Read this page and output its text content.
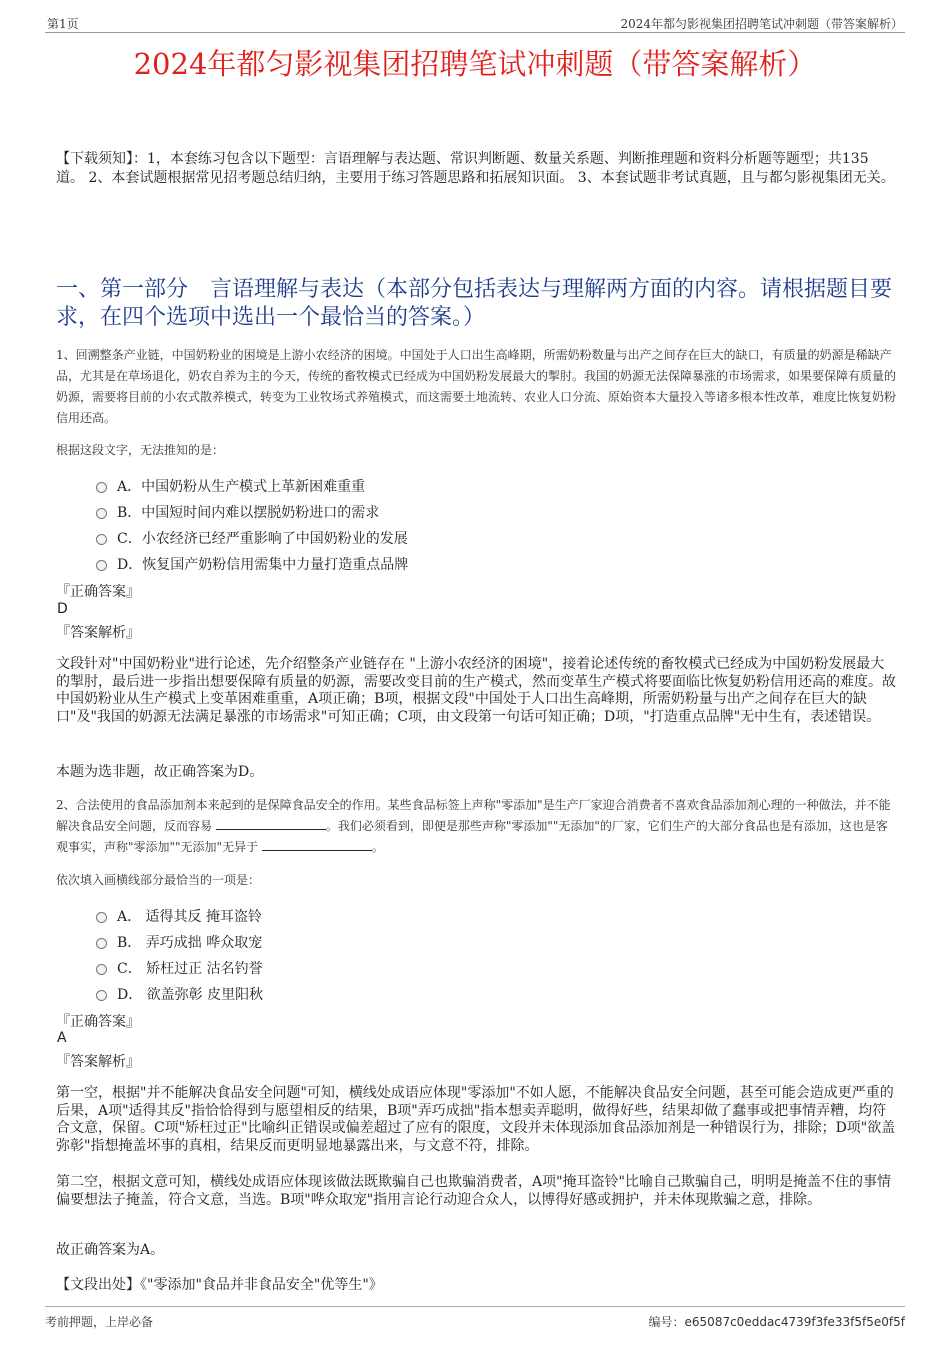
第1页	2024年都匀影视集团招聘笔试冲刺题（带答案解析）
2024年都匀影视集团招聘笔试冲刺题（带答案解析）
【下载须知】：1，本套练习包含以下题型：言语理解与表达题、常识判断题、数量关系题、判断推理题和资料分析题等题型；共135道。 2、本套试题根据常见招考题总结归纳，主要用于练习答题思路和拓展知识面。 3、本套试题非考试真题，且与都匀影视集团无关。
一、第一部分　言语理解与表达（本部分包括表达与理解两方面的内容。请根据题目要求，在四个选项中选出一个最恰当的答案。）
1、回溯整条产业链，中国奶粉业的困境是上游小农经济的困境。中国处于人口出生高峰期，所需奶粉数量与出产之间存在巨大的缺口，有质量的奶源是稀缺产品，尤其是在草场退化，奶农自养为主的今天，传统的畜牧模式已经成为中国奶粉发展最大的掣肘。我国的奶源无法保障暴涨的市场需求，如果要保障有质量的奶源，需要将目前的小农式散养模式，转变为工业牧场式养殖模式，而这需要土地流转、农业人口分流、原始资本大量投入等诸多根本性改革，难度比恢复奶粉信用还高。
根据这段文字，无法推知的是：
A．中国奶粉从生产模式上革新困难重重
B．中国短时间内难以摆脱奶粉进口的需求
C．小农经济已经严重影响了中国奶粉业的发展
D．恢复国产奶粉信用需集中力量打造重点品牌
『正确答案』
D
『答案解析』
文段针对"中国奶粉业"进行论述，先介绍整条产业链存在 "上游小农经济的困境"，接着论述传统的畜牧模式已经成为中国奶粉发展最大的掣肘，最后进一步指出想要保障有质量的奶源，需要改变目前的生产模式，然而变革生产模式将要面临比恢复奶粉信用还高的难度。故中国奶粉业从生产模式上变革困难重重，A项正确；B项，根据文段"中国处于人口出生高峰期，所需奶粉量与出产之间存在巨大的缺口"及"我国的奶源无法满足暴涨的市场需求"可知正确；C项，由文段第一句话可知正确；D项，"打造重点品牌"无中生有，表述错误。
本题为选非题，故正确答案为D。
2、合法使用的食品添加剂本来起到的是保障食品安全的作用。某些食品标签上声称"零添加"是生产厂家迎合消费者不喜欢食品添加剂心理的一种做法，并不能解决食品安全问题，反而容易	。我们必须看到，即便是那些声称"零添加""无添加"的厂家，它们生产的大部分食品也是有添加，这也是客观事实，声称"零添加""无添加"无异于	。
依次填入画横线部分最恰当的一项是：
A． 适得其反 掩耳盗铃
B． 弄巧成拙 哗众取宠
C． 矫枉过正 沽名钓誉
D． 欲盖弥彰 皮里阳秋
『正确答案』
A
『答案解析』
第一空，根据"并不能解决食品安全问题"可知，横线处成语应体现"零添加"不如人愿，不能解决食品安全问题，甚至可能会造成更严重的后果，A项"适得其反"指恰恰得到与愿望相反的结果，B项"弄巧成拙"指本想卖弄聪明，做得好些，结果却做了蠢事或把事情弄糟，均符合文意，保留。C项"矫枉过正"比喻纠正错误或偏差超过了应有的限度，文段并未体现添加食品添加剂是一种错误行为，排除；D项"欲盖弥彰"指想掩盖坏事的真相，结果反而更明显地暴露出来，与文意不符，排除。
第二空，根据文意可知，横线处成语应体现该做法既欺骗自己也欺骗消费者，A项"掩耳盗铃"比喻自己欺骗自己，明明是掩盖不住的事情偏要想法子掩盖，符合文意，当选。B项"哗众取宠"指用言论行动迎合众人，以博得好感或拥护，并未体现欺骗之意，排除。
故正确答案为A。
【文段出处】《"零添加"食品并非食品安全"优等生"》
考前押题，上岸必备	编号：e65087c0eddac4739f3fe33f5f5e0f5f
